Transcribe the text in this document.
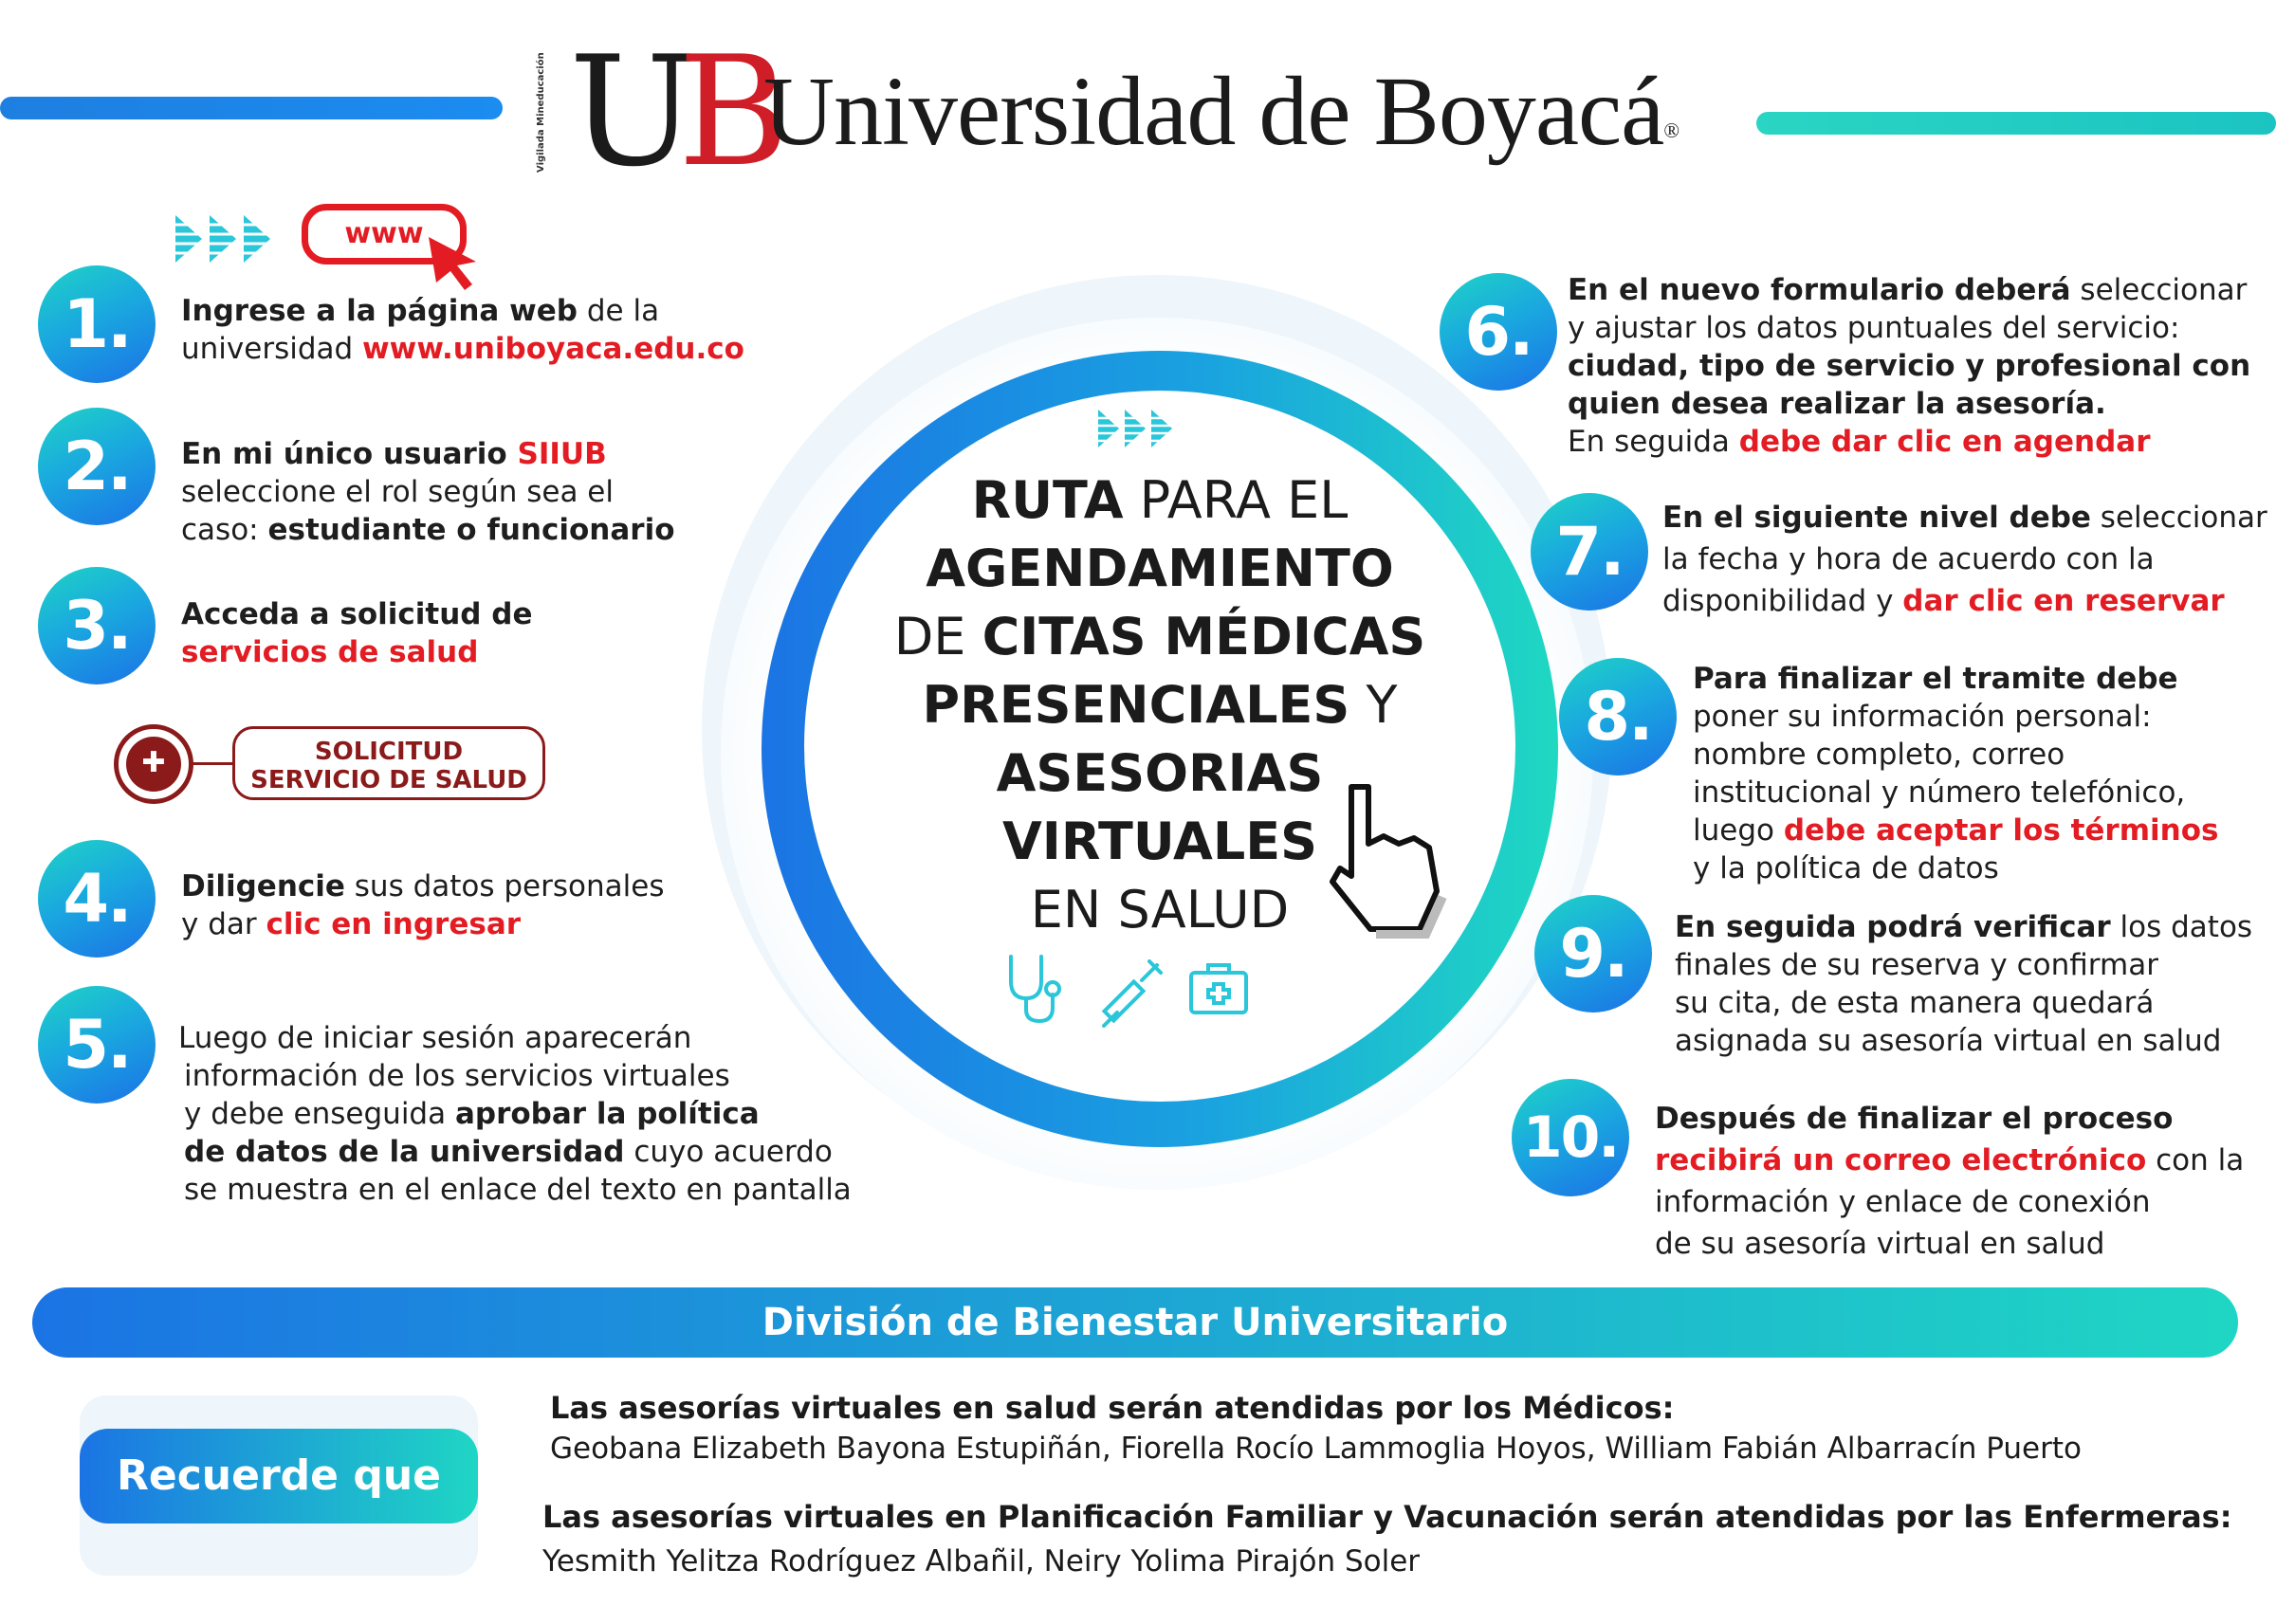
Vigilada Mineducación UB
Universidad de Boyacá®
www
1.	Ingrese a la página web de la
universidad www.uniboyaca.edu.co
2.	En mi único usuario SIIUB
seleccione el rol según sea el
caso: estudiante o funcionario
3.	Acceda a solicitud de
servicios de salud
✚	SOLICITUD
SERVICIO DE SALUD
4.	Diligencie sus datos personales
y dar clic en ingresar
5.	Luego de iniciar sesión aparecerán
información de los servicios virtuales
y debe enseguida aprobar la política
de datos de la universidad cuyo acuerdo
se muestra en el enlace del texto en pantalla
RUTA PARA EL
AGENDAMIENTO
DE CITAS MÉDICAS
PRESENCIALES Y
ASESORIAS
VIRTUALES
EN SALUD
6.
En el nuevo formulario deberá seleccionar
y ajustar los datos puntuales del servicio:
ciudad, tipo de servicio y profesional con
quien desea realizar la asesoría.
En seguida debe dar clic en agendar
7.	En el siguiente nivel debe seleccionar
la fecha y hora de acuerdo con la
disponibilidad y dar clic en reservar
8.	Para finalizar el tramite debe
poner su información personal:
nombre completo, correo
institucional y número telefónico,
luego debe aceptar los términos
y la política de datos
9.	En seguida podrá verificar los datos
finales de su reserva y confirmar
su cita, de esta manera quedará
asignada su asesoría virtual en salud
10.	Después de finalizar el proceso
recibirá un correo electrónico con la
información y enlace de conexión
de su asesoría virtual en salud
División de Bienestar Universitario
Recuerde que
Las asesorías virtuales en salud serán atendidas por los Médicos:
Geobana Elizabeth Bayona Estupiñán, Fiorella Rocío Lammoglia Hoyos, William Fabián Albarracín Puerto
Las asesorías virtuales en Planificación Familiar y Vacunación serán atendidas por las Enfermeras:
Yesmith Yelitza Rodríguez Albañil, Neiry Yolima Pirajón Soler
